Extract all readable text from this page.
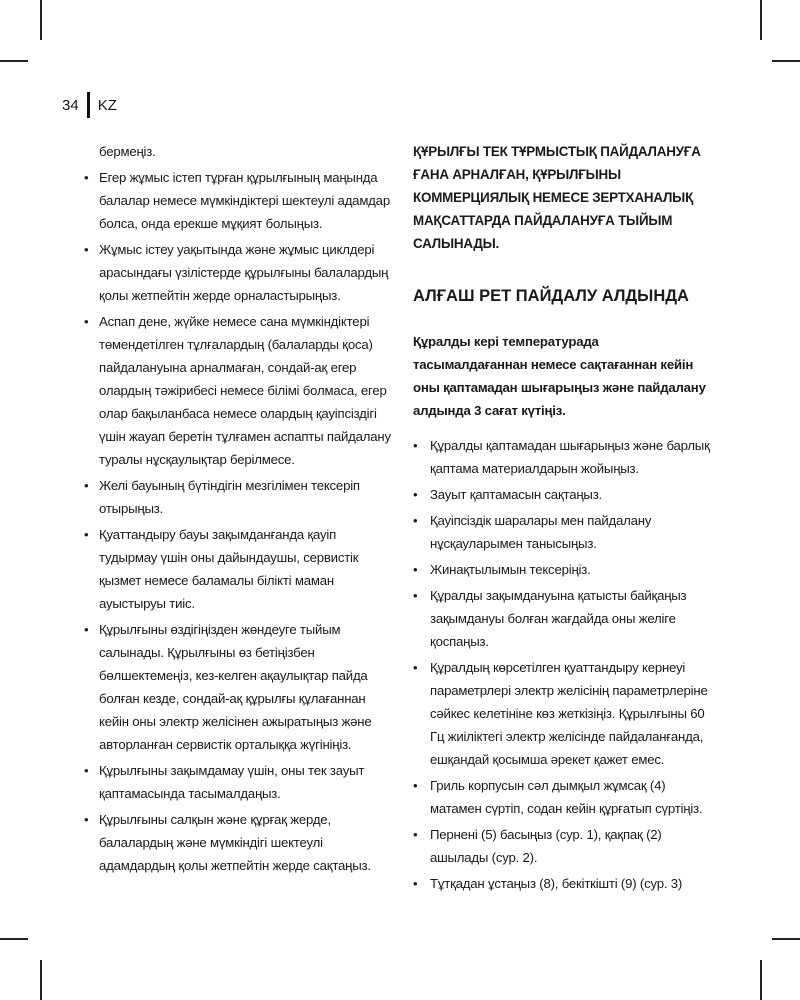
34	KZ

бермеңіз.

• Егер жұмыс істеп тұрған құрылғының маңында балалар немесе мүмкіндіктері шектеулі адамдар болса, онда ерекше мұқият болыңыз.
• Жұмыс істеу уақытында және жұмыс циклдері арасындағы үзілістерде құрылғыны балалардың қолы жетпейтін жерде орналастырыңыз.
• Аспап дене, жүйке немесе сана мүмкіндіктері төмендетілген тұлғалардың (балаларды қоса) пайдалануына арналмаған, сондай-ақ егер олардың тәжірибесі немесе білімі болмаса, егер олар бақыланбаса немесе олардың қауіпсіздігі үшін жауап беретін тұлғамен аспапты пайдалану туралы нұсқаулықтар берілмесе.
• Желі бауының бүтіндігін мезгілімен тексеріп отырыңыз.
• Қуаттандыру бауы зақымданғанда қауіп тудырмау үшін оны дайындаушы, сервистік қызмет немесе баламалы білікті маман ауыстыруы тиіс.
• Құрылғыны өздігіңізден жөндеуге тыйым салынады. Құрылғыны өз бетіңізбен бөлшектемеңіз, кез-келген ақаулықтар пайда болған кезде, сондай-ақ құрылғы құлағаннан кейін оны электр желісінен ажыратыңыз және авторланған сервистік орталыққа жүгініңіз.
• Құрылғыны зақымдамау үшін, оны тек зауыт қаптамасында тасымалдаңыз.
• Құрылғыны салқын және құрғақ жерде, балалардың және мүмкіндігі шектеулі адамдардың қолы жетпейтін жерде сақтаңыз.

ҚҰРЫЛҒЫ ТЕК ТҰРМЫСТЫҚ ПАЙДАЛАНУҒА ҒАНА АРНАЛҒАН, ҚҰРЫЛҒЫНЫ КОММЕРЦИЯЛЫҚ НЕМЕСЕ ЗЕРТХАНАЛЫҚ МАҚСАТТАРДА ПАЙДАЛАНУҒА ТЫЙЫМ САЛЫНАДЫ.

АЛҒАШ РЕТ ПАЙДАЛУ АЛДЫНДА

Құралды кері температурада тасымалдағаннан немесе сақтағаннан кейін оны қаптамадан шығарыңыз және пайдалану алдында 3 сағат күтіңіз.

• Құралды қаптамадан шығарыңыз және барлық қаптама материалдарын жойыңыз.
• Зауыт қаптамасын сақтаңыз.
• Қауіпсіздік шаралары мен пайдалану нұсқауларымен танысыңыз.
• Жинақтылымын тексеріңіз.
• Құралды зақымдануына қатысты байқаңыз зақымдануы болған жағдайда оны желіге қоспаңыз.
• Құралдың көрсетілген қуаттандыру кернеуі параметрлері электр желісінің параметрлеріне сәйкес келетініне көз жеткізіңіз. Құрылғыны 60 Гц жиіліктегі электр желісінде пайдаланғанда, ешқандай қосымша әрекет қажет емес.
• Гриль корпусын сәл дымқыл жұмсақ (4) матамен сүртіп, содан кейін құрғатып сүртіңіз.
• Пернені (5) басыңыз (сур. 1), қақпақ (2) ашылады (сур. 2).
• Тұтқадан ұстаңыз (8), бекіткішті (9) (сур. 3)
